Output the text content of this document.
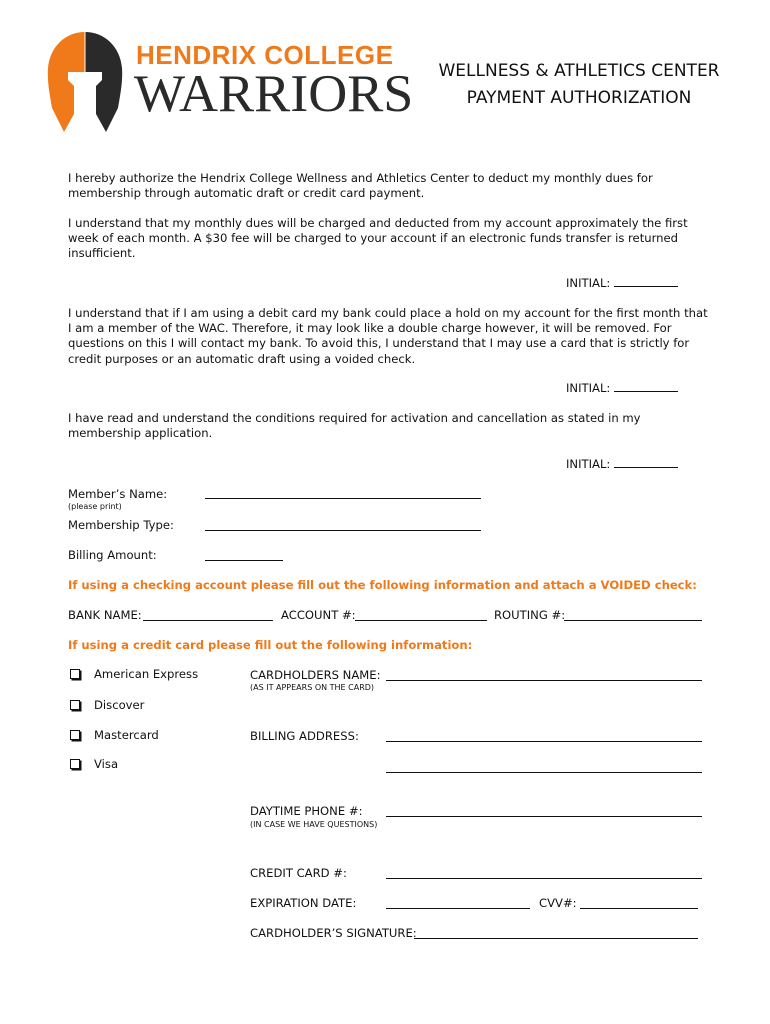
HENDRIX COLLEGE
WARRIORS	WELLNESS & ATHLETICS CENTER
PAYMENT AUTHORIZATION
I hereby authorize the Hendrix College Wellness and Athletics Center to deduct my monthly dues for membership through automatic draft or credit card payment.
I understand that my monthly dues will be charged and deducted from my account approximately the first week of each month. A $30 fee will be charged to your account if an electronic funds transfer is returned insufficient.
INITIAL:
I understand that if I am using a debit card my bank could place a hold on my account for the first month that I am a member of the WAC. Therefore, it may look like a double charge however, it will be removed. For questions on this I will contact my bank. To avoid this, I understand that I may use a card that is strictly for credit purposes or an automatic draft using a voided check.
INITIAL:
I have read and understand the conditions required for activation and cancellation as stated in my membership application.
INITIAL:
Member’s Name:
(please print)
Membership Type:
Billing Amount:
If using a checking account please fill out the following information and attach a VOIDED check:
BANK NAME:	ACCOUNT #:	ROUTING #:
If using a credit card please fill out the following information:
American Express
Discover
Mastercard
Visa
CARDHOLDERS NAME:
(AS IT APPEARS ON THE CARD)
BILLING ADDRESS:
DAYTIME PHONE #:
(IN CASE WE HAVE QUESTIONS)
CREDIT CARD #:
EXPIRATION DATE:	CVV#:
CARDHOLDER’S SIGNATURE:
